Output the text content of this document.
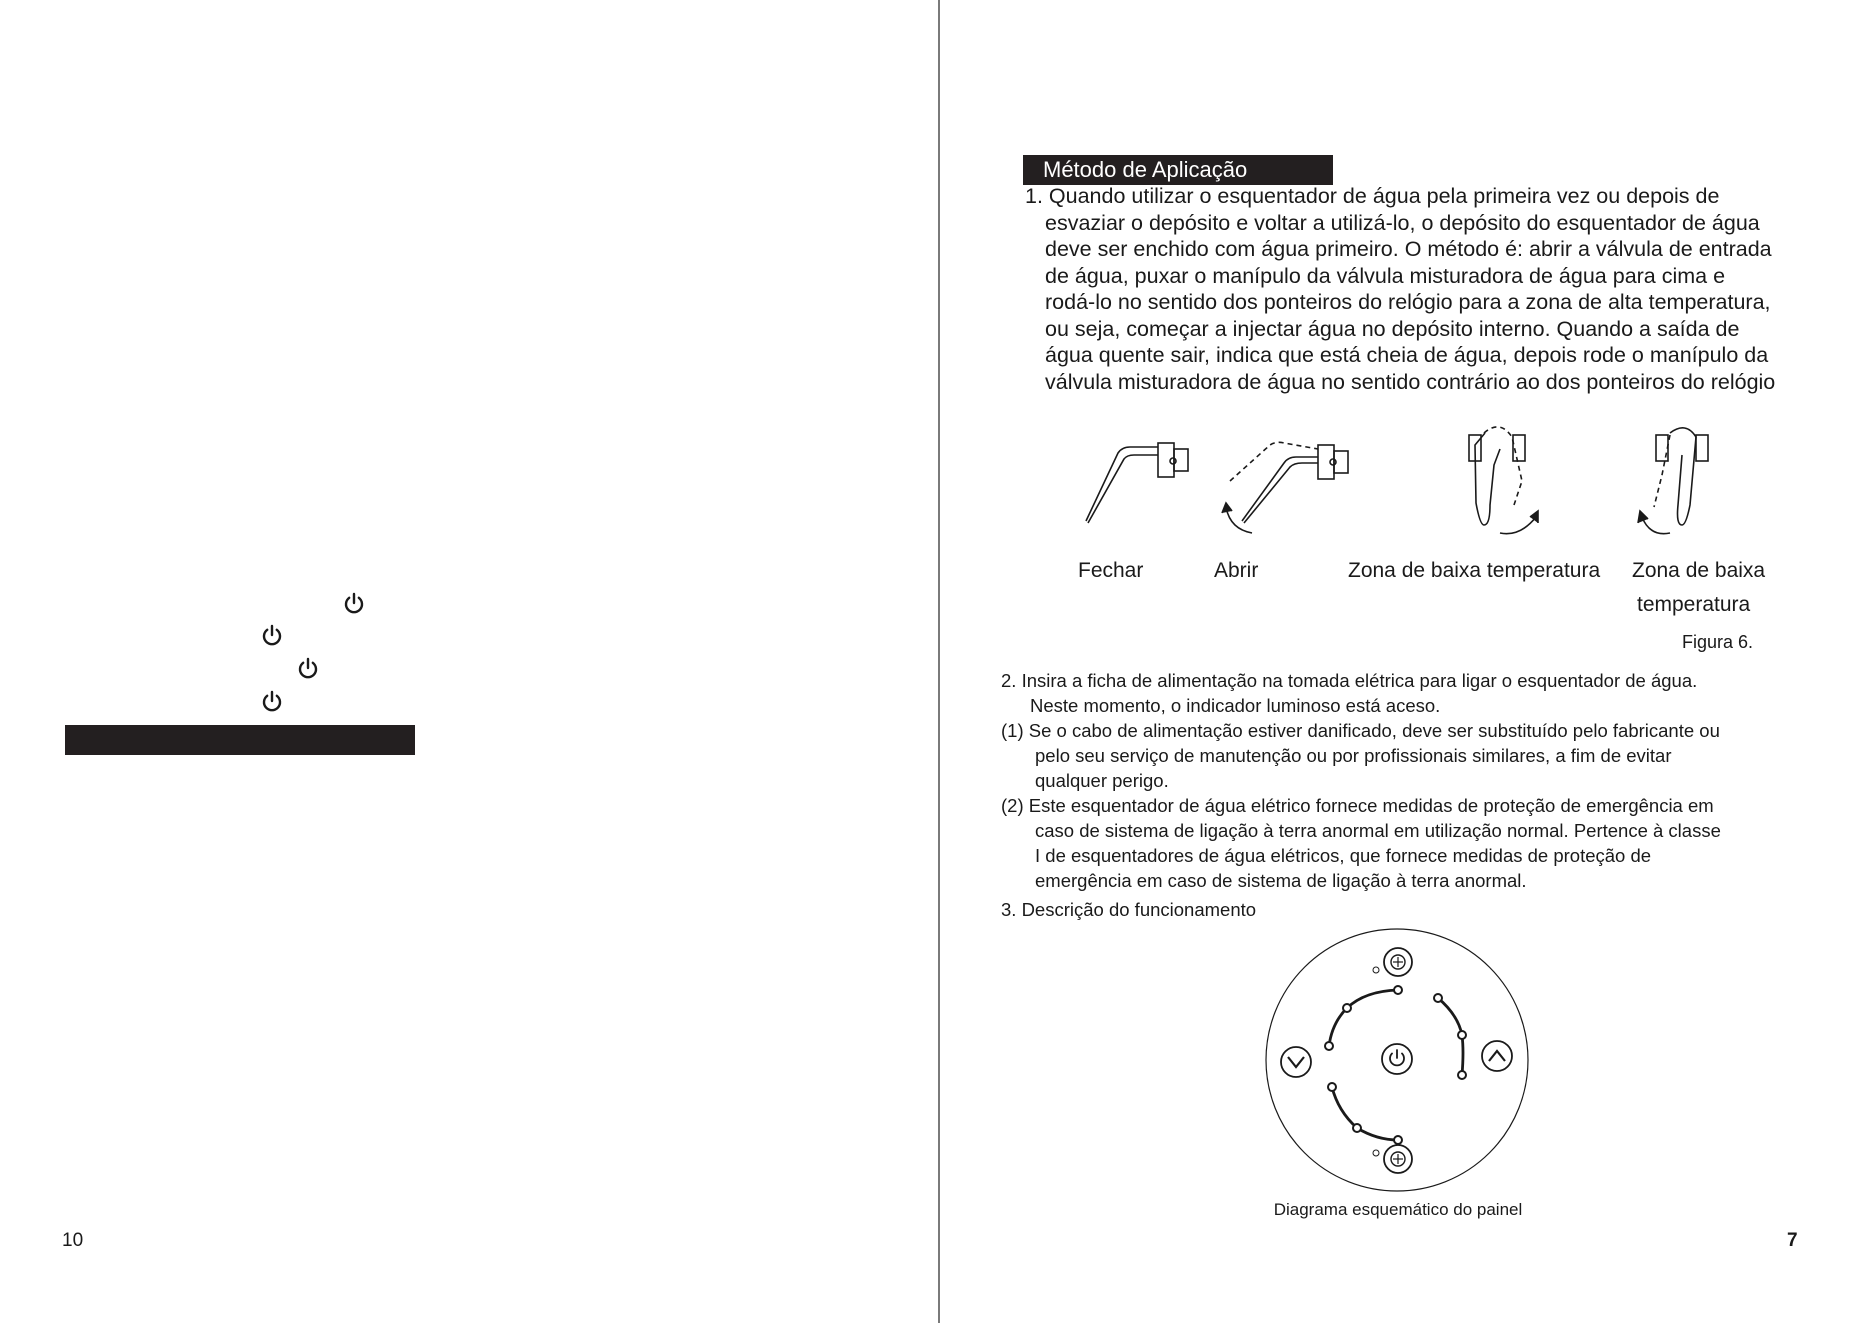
10
Método de Aplicação
1. Quando utilizar o esquentador de água pela primeira vez ou depois de
esvaziar o depósito e voltar a utilizá-lo, o depósito do esquentador de água
deve ser enchido com água primeiro. O método é: abrir a válvula de entrada
de água, puxar o manípulo da válvula misturadora de água para cima e
rodá-lo no sentido dos ponteiros do relógio para a zona de alta temperatura,
ou seja, começar a injectar água no depósito interno. Quando a saída de
água quente sair, indica que está cheia de água, depois rode o manípulo da
válvula misturadora de água no sentido contrário ao dos ponteiros do relógio
Fechar	Abrir	Zona de baixa temperatura Zona de baixa
temperatura
Figura 6.
2. Insira a ficha de alimentação na tomada elétrica para ligar o esquentador de água.
Neste momento, o indicador luminoso está aceso.
(1) Se o cabo de alimentação estiver danificado, deve ser substituído pelo fabricante ou
pelo seu serviço de manutenção ou por profissionais similares, a fim de evitar
qualquer perigo.
(2) Este esquentador de água elétrico fornece medidas de proteção de emergência em
caso de sistema de ligação à terra anormal em utilização normal. Pertence à classe
I de esquentadores de água elétricos, que fornece medidas de proteção de
emergência em caso de sistema de ligação à terra anormal.
3. Descrição do funcionamento
Diagrama esquemático do painel
7
